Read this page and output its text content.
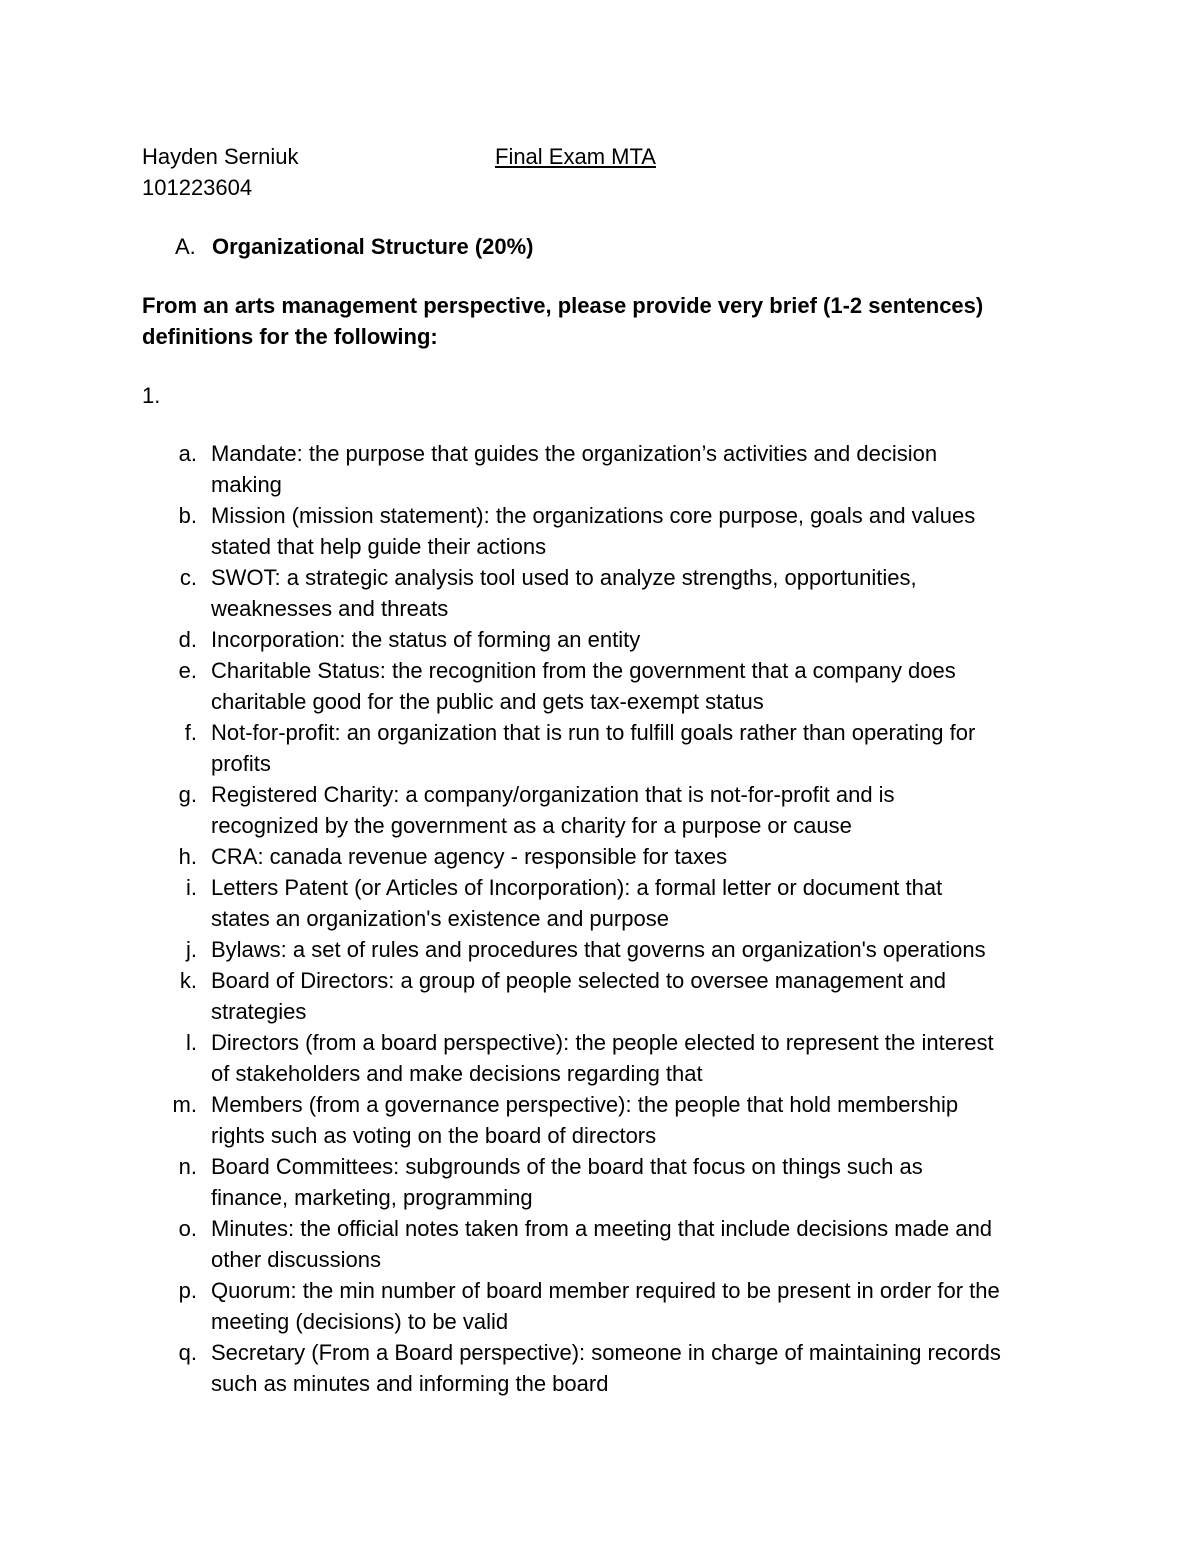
Hayden Serniuk	Final Exam MTA
101223604
A. Organizational Structure (20%)
From an arts management perspective, please provide very brief (1-2 sentences)
definitions for the following:
1.
a. Mandate: the purpose that guides the organization’s activities and decision
making
b. Mission (mission statement): the organizations core purpose, goals and values
stated that help guide their actions
c. SWOT: a strategic analysis tool used to analyze strengths, opportunities,
weaknesses and threats
d. Incorporation: the status of forming an entity
e. Charitable Status: the recognition from the government that a company does
charitable good for the public and gets tax-exempt status
f. Not-for-profit: an organization that is run to fulfill goals rather than operating for
profits
g. Registered Charity: a company/organization that is not-for-profit and is
recognized by the government as a charity for a purpose or cause
h. CRA: canada revenue agency - responsible for taxes
i. Letters Patent (or Articles of Incorporation): a formal letter or document that
states an organization's existence and purpose
j. Bylaws: a set of rules and procedures that governs an organization's operations
k. Board of Directors: a group of people selected to oversee management and
strategies
l. Directors (from a board perspective): the people elected to represent the interest
of stakeholders and make decisions regarding that
m. Members (from a governance perspective): the people that hold membership
rights such as voting on the board of directors
n. Board Committees: subgrounds of the board that focus on things such as
finance, marketing, programming
o. Minutes: the official notes taken from a meeting that include decisions made and
other discussions
p. Quorum: the min number of board member required to be present in order for the
meeting (decisions) to be valid
q. Secretary (From a Board perspective): someone in charge of maintaining records
such as minutes and informing the board
